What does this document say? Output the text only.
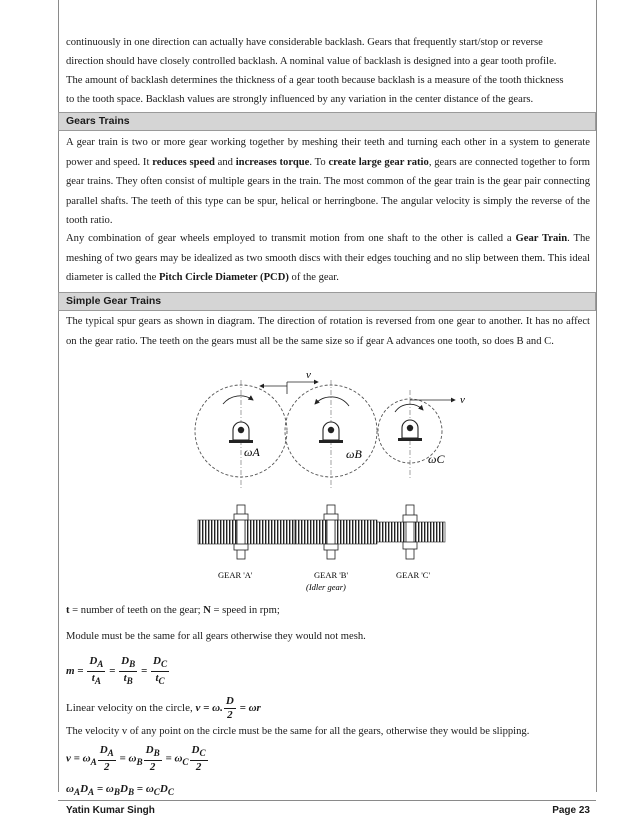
continuously in one direction can actually have considerable backlash. Gears that frequently start/stop or reverse

direction should have closely controlled backlash. A nominal value of backlash is designed into a gear tooth profile.

The amount of backlash determines the thickness of a gear tooth because backlash is a measure of the tooth thickness

to the tooth space. Backlash values are strongly influenced by any variation in the center distance of the gears.

Gears Trains

A gear train is two or more gear working together by meshing their teeth and turning each other in a system to generate power and speed. It reduces speed and increases torque. To create large gear ratio, gears are connected together to form gear trains. They often consist of multiple gears in the train. The most common of the gear train is the gear pair connecting parallel shafts. The teeth of this type can be spur, helical or herringbone. The angular velocity is simply the reverse of the tooth ratio.

Any combination of gear wheels employed to transmit motion from one shaft to the other is called a Gear Train. The meshing of two gears may be idealized as two smooth discs with their edges touching and no slip between them. This ideal diameter is called the Pitch Circle Diameter (PCD) of the gear.

Simple Gear Trains

The typical spur gears as shown in diagram. The direction of rotation is reversed from one gear to another. It has no affect on the gear ratio. The teeth on the gears must all be the same size so if gear A advances one tooth, so does B and C.

v
v
ωA	ωB	ωC
GEAR 'A'	GEAR 'B'
(Idler gear)
GEAR 'C'

t = number of teeth on the gear; N = speed in rpm;

Module must be the same for all gears otherwise they would not mesh.

$m = \frac{D_A}{t_A} = \frac{D_B}{t_B} = \frac{D_C}{t_C}$
Linear velocity on the circle, v = ω. $\frac{D}{2} = \omega r$

The velocity v of any point on the circle must be the same for all the gears, otherwise they would be slipping.

$v = \omega_A \frac{D_A}{2} = \omega_B \frac{D_B}{2} = \omega_C \frac{D_C}{2}$
$\omega_AD_A = \omega_BD_B = \omega_CD_C$
Yatin Kumar Singh	Page 23
